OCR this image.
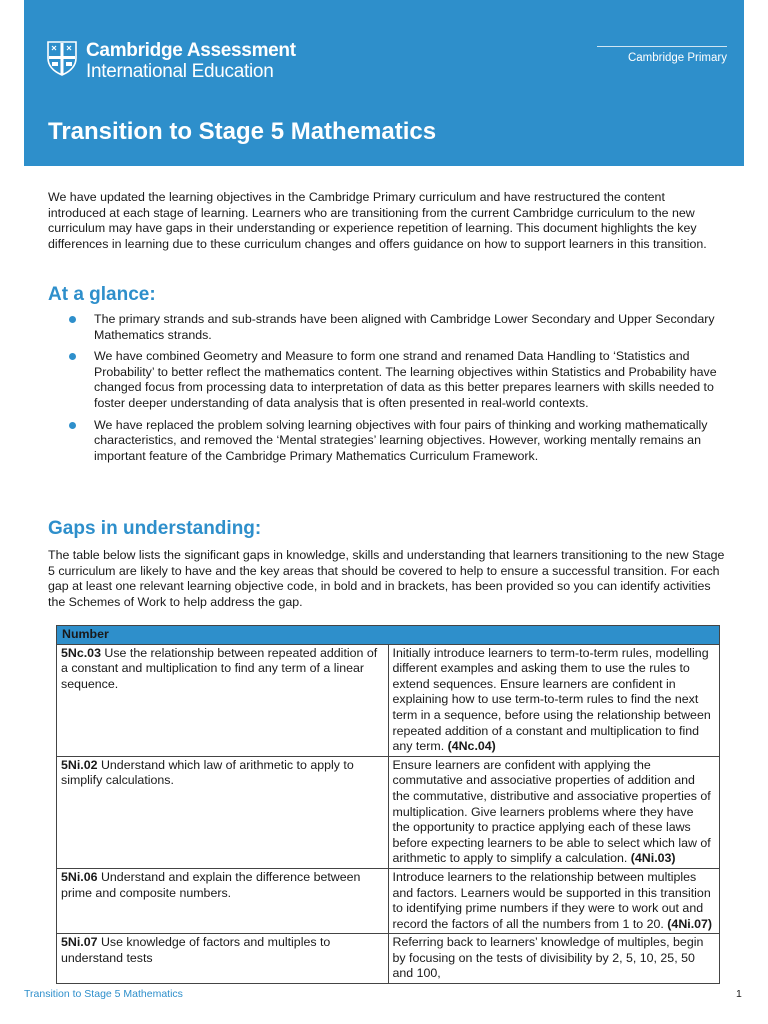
Cambridge Assessment
International Education
Cambridge Primary
Transition to Stage 5 Mathematics

We have updated the learning objectives in the Cambridge Primary curriculum and have restructured the content introduced at each stage of learning. Learners who are transitioning from the current Cambridge curriculum to the new curriculum may have gaps in their understanding or experience repetition of learning. This document highlights the key differences in learning due to these curriculum changes and offers guidance on how to support learners in this transition.

At a glance:
The primary strands and sub-strands have been aligned with Cambridge Lower Secondary and Upper Secondary Mathematics strands.
We have combined Geometry and Measure to form one strand and renamed Data Handling to ‘Statistics and Probability’ to better reflect the mathematics content. The learning objectives within Statistics and Probability have changed focus from processing data to interpretation of data as this better prepares learners with skills needed to foster deeper understanding of data analysis that is often presented in real-world contexts.
We have replaced the problem solving learning objectives with four pairs of thinking and working mathematically characteristics, and removed the ‘Mental strategies’ learning objectives. However, working mentally remains an important feature of the Cambridge Primary Mathematics Curriculum Framework.
Gaps in understanding:

The table below lists the significant gaps in knowledge, skills and understanding that learners transitioning to the new Stage 5 curriculum are likely to have and the key areas that should be covered to help to ensure a successful transition. For each gap at least one relevant learning objective code, in bold and in brackets, has been provided so you can identify activities the Schemes of Work to help address the gap.

Number	
5Nc.03 Use the relationship between repeated addition of a constant and multiplication to find any term of a linear sequence.	Initially introduce learners to term-to-term rules, modelling different examples and asking them to use the rules to extend sequences. Ensure learners are confident in explaining how to use term-to-term rules to find the next term in a sequence, before using the relationship between repeated addition of a constant and multiplication to find any term. (4Nc.04)
5Ni.02 Understand which law of arithmetic to apply to simplify calculations.	Ensure learners are confident with applying the commutative and associative properties of addition and the commutative, distributive and associative properties of multiplication. Give learners problems where they have the opportunity to practice applying each of these laws before expecting learners to be able to select which law of arithmetic to apply to simplify a calculation. (4Ni.03)
5Ni.06 Understand and explain the difference between prime and composite numbers.	Introduce learners to the relationship between multiples and factors. Learners would be supported in this transition to identifying prime numbers if they were to work out and record the factors of all the numbers from 1 to 20. (4Ni.07)
5Ni.07 Use knowledge of factors and multiples to understand tests	Referring back to learners’ knowledge of multiples, begin by focusing on the tests of divisibility by 2, 5, 10, 25, 50 and 100,
Transition to Stage 5 Mathematics	1
